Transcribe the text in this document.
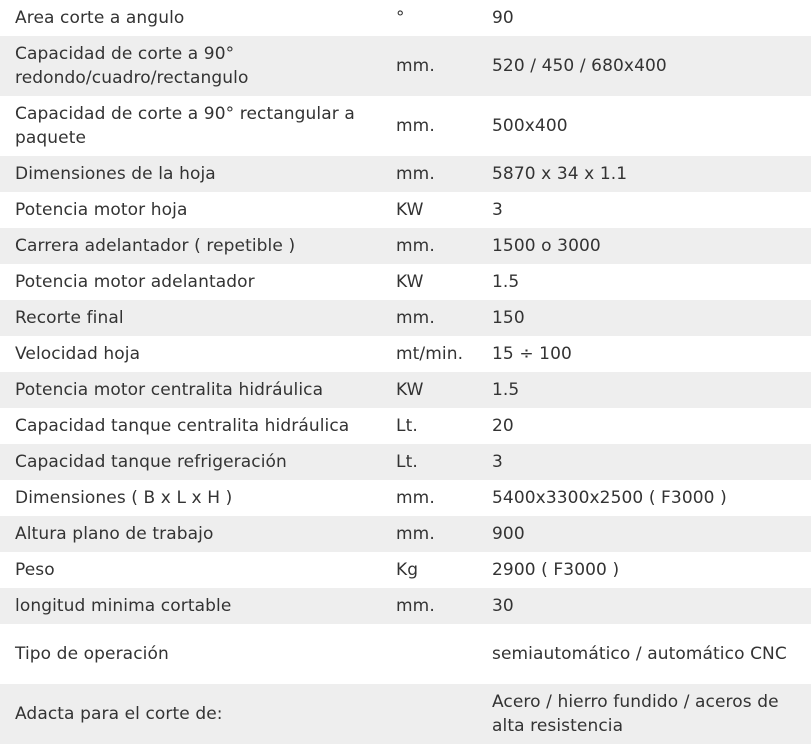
Area corte a angulo	°	90
Capacidad de corte a 90° redondo/cuadro/rectangulo	mm.	520 / 450 / 680x400
Capacidad de corte a 90° rectangular a paquete	mm.	500x400
Dimensiones de la hoja	mm.	5870 x 34 x 1.1
Potencia motor hoja	KW	3
Carrera adelantador ( repetible )	mm.	1500 o 3000
Potencia motor adelantador	KW	1.5
Recorte final	mm.	150
Velocidad hoja	mt/min.	15 ÷ 100
Potencia motor centralita hidráulica	KW	1.5
Capacidad tanque centralita hidráulica	Lt.	20
Capacidad tanque refrigeración	Lt.	3
Dimensiones ( B x L x H )	mm.	5400x3300x2500 ( F3000 )
Altura plano de trabajo	mm.	900
Peso	Kg	2900 ( F3000 )
longitud minima cortable	mm.	30
Tipo de operación		semiautomático / automático CNC
Adacta para el corte de:		Acero / hierro fundido / aceros de alta resistencia
